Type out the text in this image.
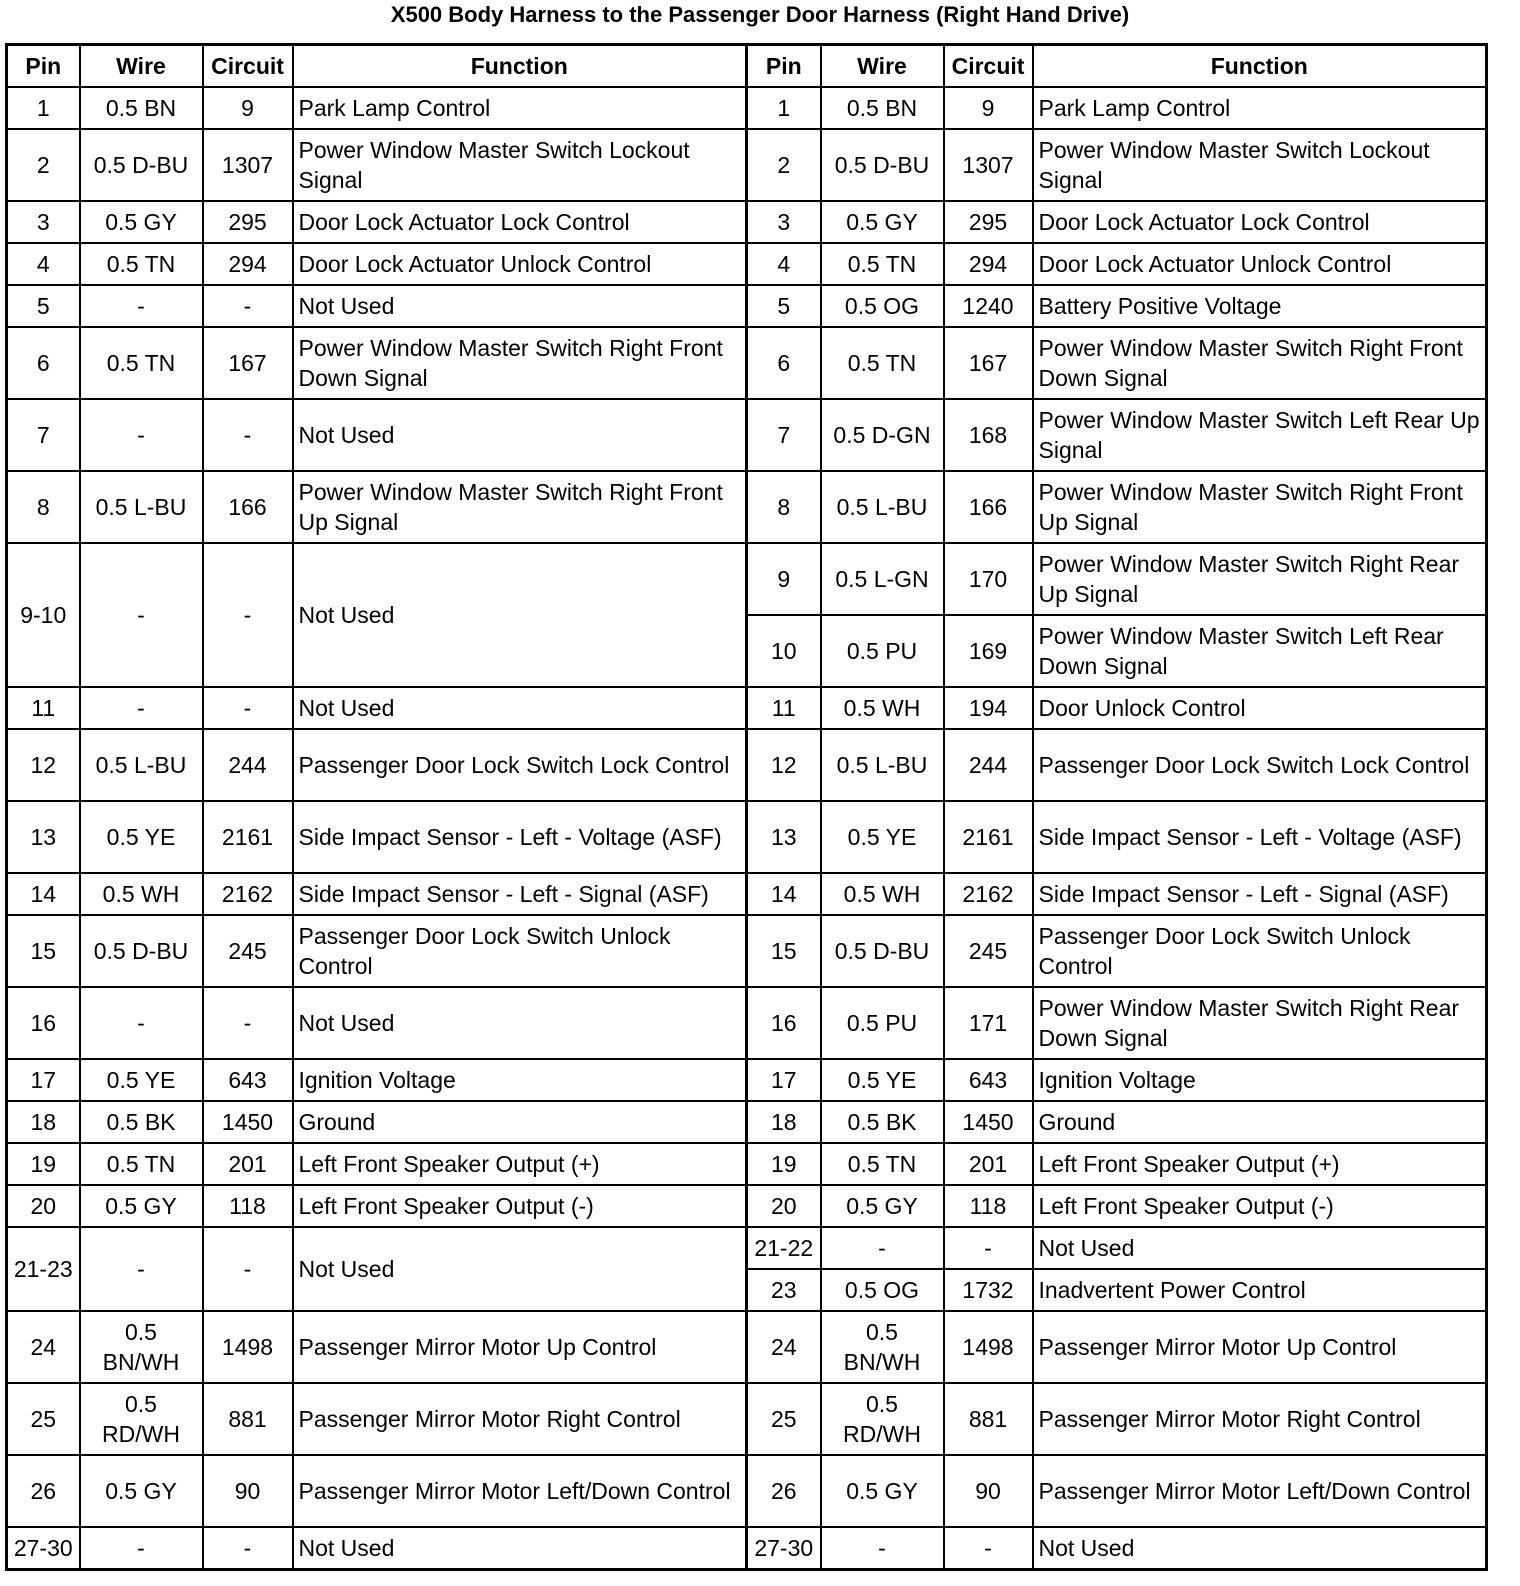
X500 Body Harness to the Passenger Door Harness (Right Hand Drive)
Pin	Wire	Circuit	Function	Pin	Wire	Circuit	Function
1	0.5 BN	9	Park Lamp Control	1	0.5 BN	9	Park Lamp Control
2	0.5 D-BU	1307	Power Window Master Switch Lockout Signal	2	0.5 D-BU	1307	Power Window Master Switch Lockout Signal
3	0.5 GY	295	Door Lock Actuator Lock Control	3	0.5 GY	295	Door Lock Actuator Lock Control
4	0.5 TN	294	Door Lock Actuator Unlock Control	4	0.5 TN	294	Door Lock Actuator Unlock Control
5	-	-	Not Used	5	0.5 OG	1240	Battery Positive Voltage
6	0.5 TN	167	Power Window Master Switch Right Front Down Signal	6	0.5 TN	167	Power Window Master Switch Right Front Down Signal
7	-	-	Not Used	7	0.5 D-GN	168	Power Window Master Switch Left Rear Up Signal
8	0.5 L-BU	166	Power Window Master Switch Right Front Up Signal	8	0.5 L-BU	166	Power Window Master Switch Right Front Up Signal
9-10	-	-	Not Used	9	0.5 L-GN	170	Power Window Master Switch Right Rear Up Signal
				10	0.5 PU	169	Power Window Master Switch Left Rear Down Signal
11	-	-	Not Used	11	0.5 WH	194	Door Unlock Control
12	0.5 L-BU	244	Passenger Door Lock Switch Lock Control	12	0.5 L-BU	244	Passenger Door Lock Switch Lock Control
13	0.5 YE	2161	Side Impact Sensor - Left - Voltage (ASF)	13	0.5 YE	2161	Side Impact Sensor - Left - Voltage (ASF)
14	0.5 WH	2162	Side Impact Sensor - Left - Signal (ASF)	14	0.5 WH	2162	Side Impact Sensor - Left - Signal (ASF)
15	0.5 D-BU	245	Passenger Door Lock Switch Unlock Control	15	0.5 D-BU	245	Passenger Door Lock Switch Unlock Control
16	-	-	Not Used	16	0.5 PU	171	Power Window Master Switch Right Rear Down Signal
17	0.5 YE	643	Ignition Voltage	17	0.5 YE	643	Ignition Voltage
18	0.5 BK	1450	Ground	18	0.5 BK	1450	Ground
19	0.5 TN	201	Left Front Speaker Output (+)	19	0.5 TN	201	Left Front Speaker Output (+)
20	0.5 GY	118	Left Front Speaker Output (-)	20	0.5 GY	118	Left Front Speaker Output (-)
21-23	-	-	Not Used	21-22	-	-	Not Used
				23	0.5 OG	1732	Inadvertent Power Control
24	0.5 BN/WH	1498	Passenger Mirror Motor Up Control	24	0.5 BN/WH	1498	Passenger Mirror Motor Up Control
25	0.5 RD/WH	881	Passenger Mirror Motor Right Control	25	0.5 RD/WH	881	Passenger Mirror Motor Right Control
26	0.5 GY	90	Passenger Mirror Motor Left/Down Control	26	0.5 GY	90	Passenger Mirror Motor Left/Down Control
27-30	-	-	Not Used	27-30	-	-	Not Used
